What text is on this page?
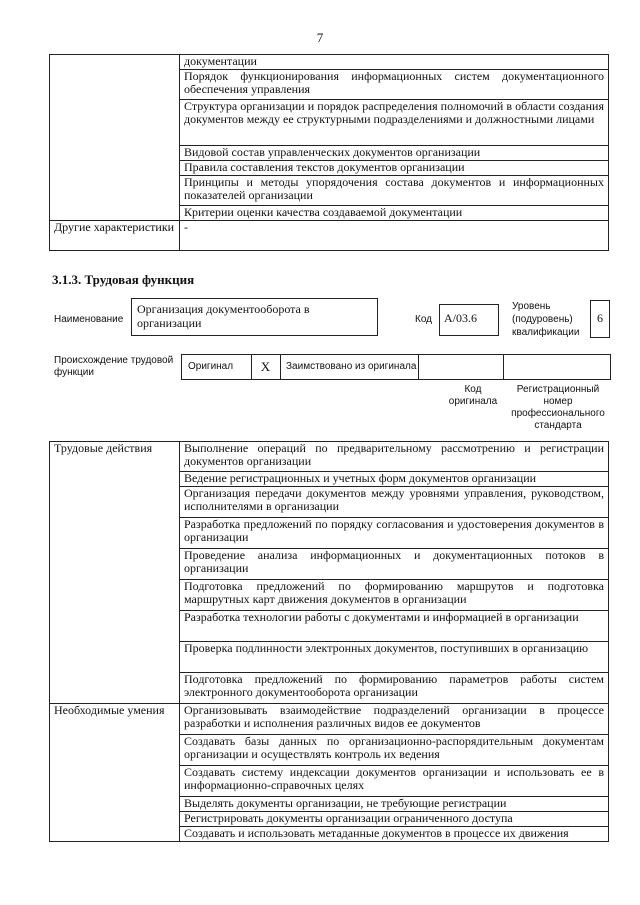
7
	документации
	Порядок функционирования информационных систем документационного обеспечения управления
	Структура организации и порядок распределения полномочий в области создания документов между ее структурными подразделениями и должностными лицами
	Видовой состав управленческих документов организации
	Правила составления текстов документов организации
	Принципы и методы упорядочения состава документов и информационных показателей организации
	Критерии оценки качества создаваемой документации
Другие характеристики	-
3.1.3. Трудовая функция
Наименование
Организация документооборота в организации	Код А/03.6
Уровень (подуровень) квалификации
6
Происхождение трудовой функции
Оригинал	X	Заимствовано из оригинала
Код оригинала
Регистрационный номер профессионального стандарта
Трудовые действия	Выполнение операций по предварительному рассмотрению и регистрации документов организации
	Ведение регистрационных и учетных форм документов организации
	Организация передачи документов между уровнями управления, руководством, исполнителями в организации
	Разработка предложений по порядку согласования и удостоверения документов в организации
	Проведение анализа информационных и документационных потоков в организации
	Подготовка предложений по формированию маршрутов и подготовка маршрутных карт движения документов в организации
	Разработка технологии работы с документами и информацией в организации
	Проверка подлинности электронных документов, поступивших в организацию
	Подготовка предложений по формированию параметров работы систем электронного документооборота организации
Необходимые умения	Организовывать взаимодействие подразделений организации в процессе разработки и исполнения различных видов ее документов
	Создавать базы данных по организационно-распорядительным документам организации и осуществлять контроль их ведения
	Создавать систему индексации документов организации и использовать ее в информационно-справочных целях
	Выделять документы организации, не требующие регистрации
	Регистрировать документы организации ограниченного доступа
	Создавать и использовать метаданные документов в процессе их движения
